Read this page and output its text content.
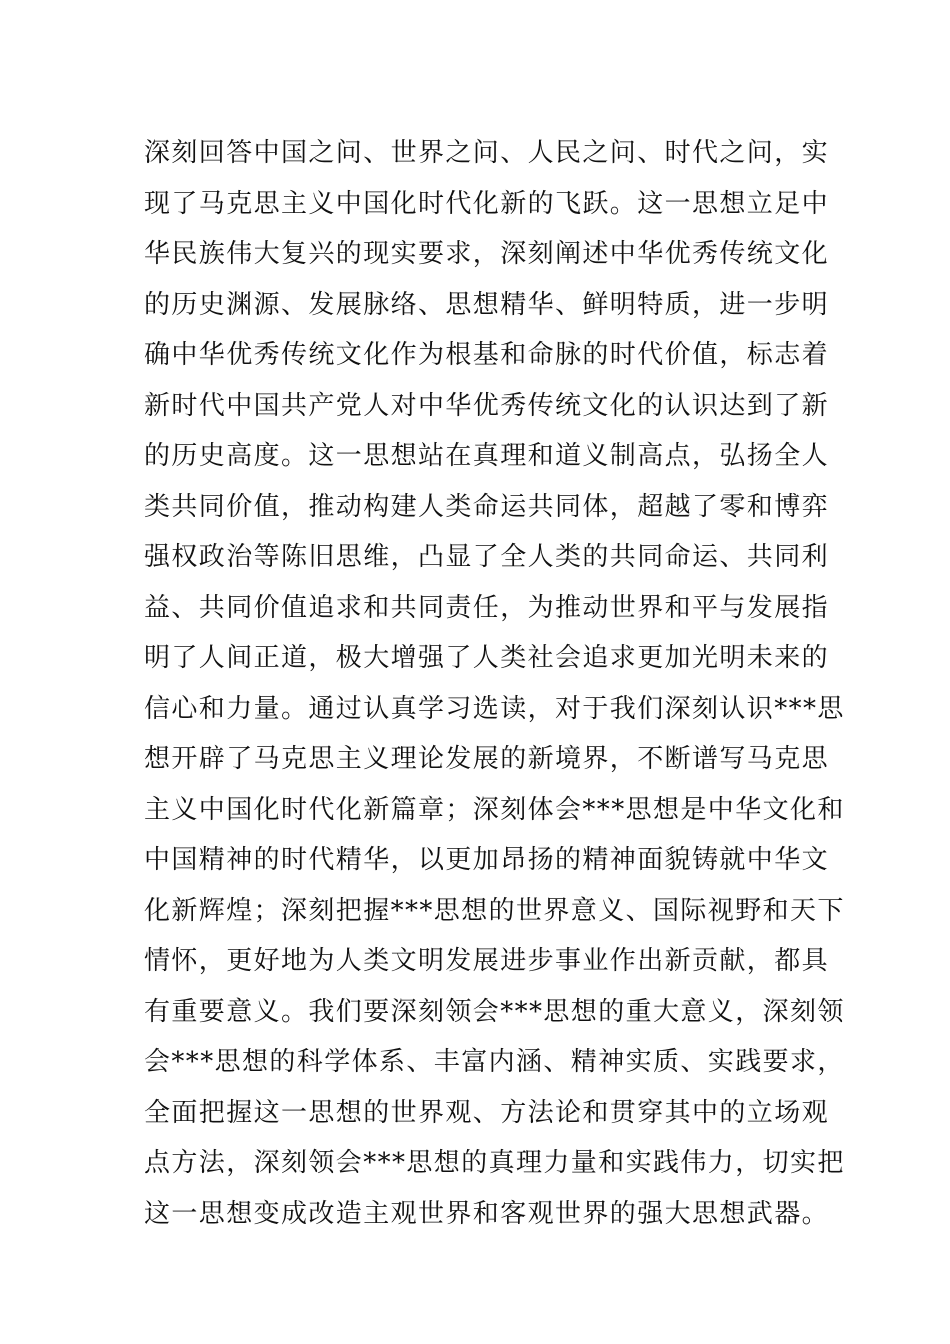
深刻回答中国之问、世界之问、人民之问、时代之问，实
现了马克思主义中国化时代化新的飞跃。这一思想立足中
华民族伟大复兴的现实要求，深刻阐述中华优秀传统文化
的历史渊源、发展脉络、思想精华、鲜明特质，进一步明
确中华优秀传统文化作为根基和命脉的时代价值，标志着
新时代中国共产党人对中华优秀传统文化的认识达到了新
的历史高度。这一思想站在真理和道义制高点，弘扬全人
类共同价值，推动构建人类命运共同体，超越了零和博弈
强权政治等陈旧思维，凸显了全人类的共同命运、共同利
益、共同价值追求和共同责任，为推动世界和平与发展指
明了人间正道，极大增强了人类社会追求更加光明未来的
信心和力量。通过认真学习选读，对于我们深刻认识***思
想开辟了马克思主义理论发展的新境界，不断谱写马克思
主义中国化时代化新篇章；深刻体会***思想是中华文化和
中国精神的时代精华，以更加昂扬的精神面貌铸就中华文
化新辉煌；深刻把握***思想的世界意义、国际视野和天下
情怀，更好地为人类文明发展进步事业作出新贡献，都具
有重要意义。我们要深刻领会***思想的重大意义，深刻领
会***思想的科学体系、丰富内涵、精神实质、实践要求，
全面把握这一思想的世界观、方法论和贯穿其中的立场观
点方法，深刻领会***思想的真理力量和实践伟力，切实把
这一思想变成改造主观世界和客观世界的强大思想武器。
